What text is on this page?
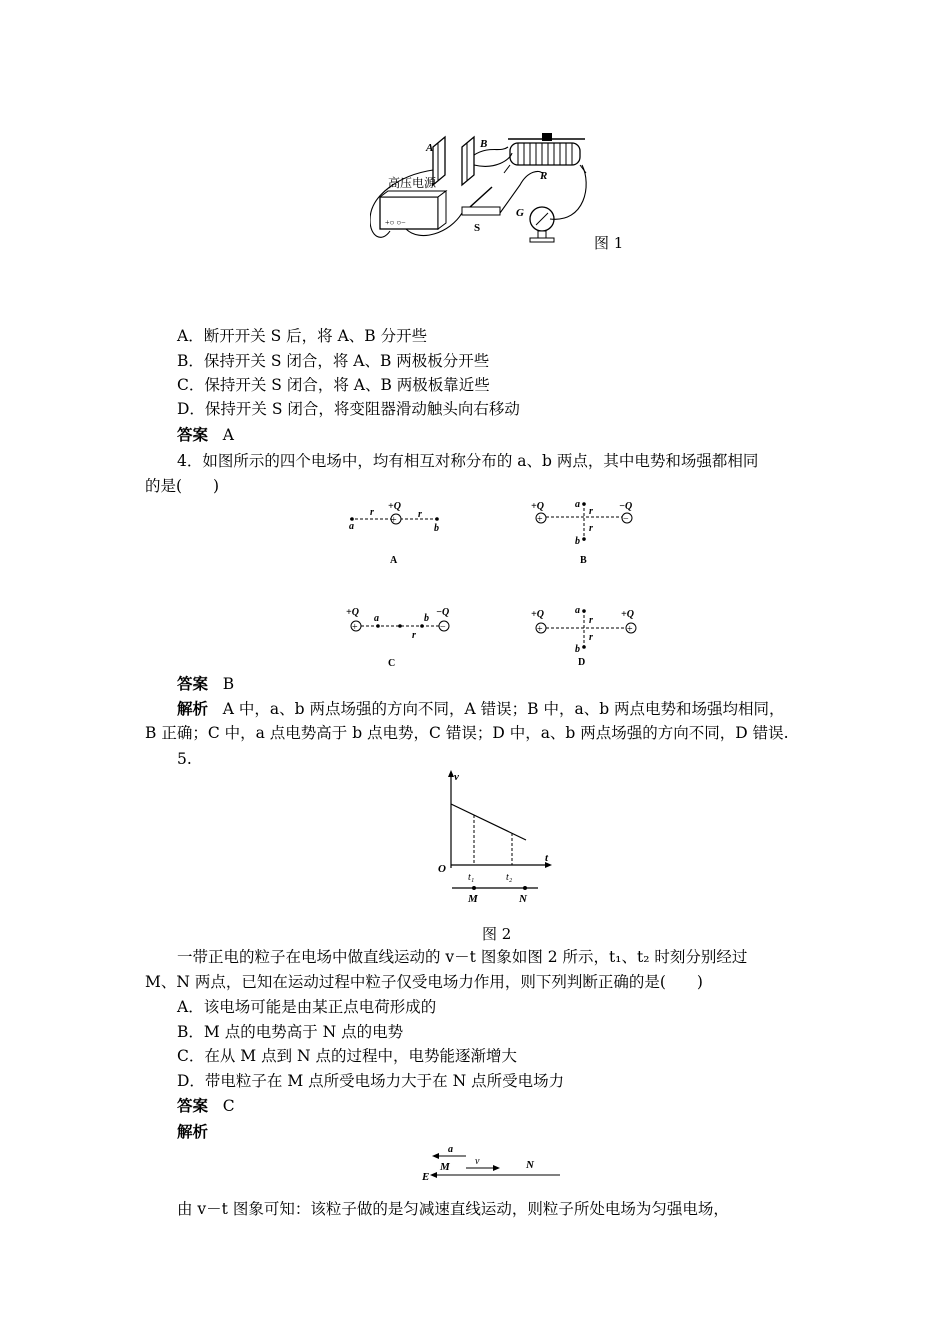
A	B
R
G
高压电源
+○ ○−	S
图 1
A．断开开关 S 后，将 A、B 分开些
B．保持开关 S 闭合，将 A、B 两极板分开些
C．保持开关 S 闭合，将 A、B 两极板靠近些
D．保持开关 S 闭合，将变阻器滑动触头向右移动
答案 A
4．如图所示的四个电场中，均有相互对称分布的 a、b 两点，其中电势和场强都相同
的是(　　)
+
+Q
a	b
r	r
A
+	−
+Q	−Q
a
b
r
r
B
+	−
+Q	−Q
a	b
r
C
+	+
+Q	+Q
a
b
r
r
D
答案 B
解析 A 中，a、b 两点场强的方向不同，A 错误；B 中，a、b 两点电势和场强均相同，
B 正确；C 中，a 点电势高于 b 点电势，C 错误；D 中，a、b 两点场强的方向不同，D 错误.
5.
v
t
O
t₁	t₂
M	N
图 2
一带正电的粒子在电场中做直线运动的 v－t 图象如图 2 所示，t₁、t₂ 时刻分别经过
M、N 两点，已知在运动过程中粒子仅受电场力作用，则下列判断正确的是(　　)
A．该电场可能是由某正点电荷形成的
B．M 点的电势高于 N 点的电势
C．在从 M 点到 N 点的过程中，电势能逐渐增大
D．带电粒子在 M 点所受电场力大于在 N 点所受电场力
答案 C
解析
a
v
M	N
E
由 v－t 图象可知：该粒子做的是匀减速直线运动，则粒子所处电场为匀强电场，
